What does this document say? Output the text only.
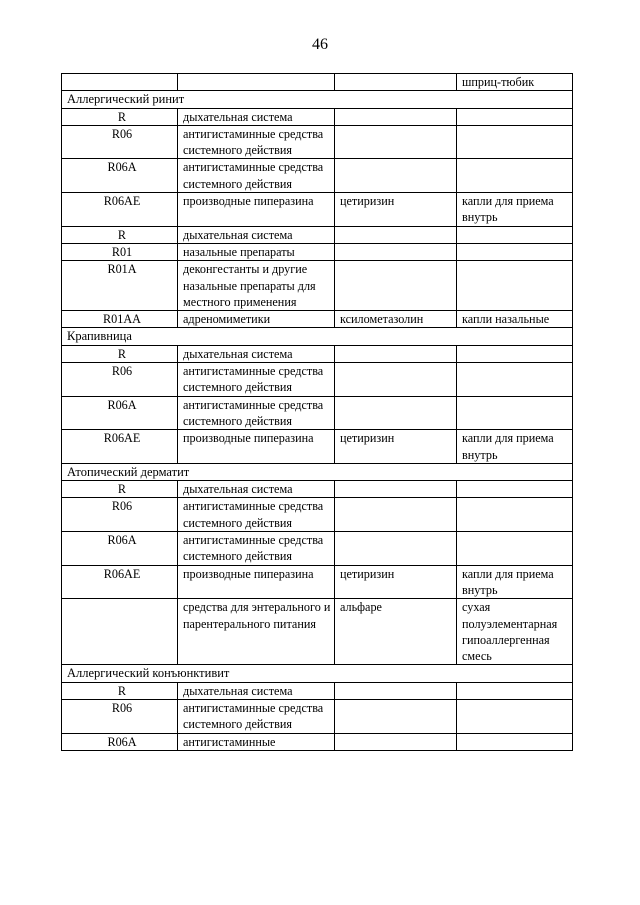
46
			шприц-тюбик
Аллергический ринит			
R	дыхательная система		
R06	антигистаминные средства системного действия		
R06A	антигистаминные средства системного действия		
R06AE	производные пиперазина	цетиризин	капли для приема внутрь
R	дыхательная система		
R01	назальные препараты		
R01A	деконгестанты и другие назальные препараты для местного применения		
R01AA	адреномиметики	ксилометазолин	капли назальные
Крапивница			
R	дыхательная система		
R06	антигистаминные средства системного действия		
R06A	антигистаминные средства системного действия		
R06AE	производные пиперазина	цетиризин	капли для приема внутрь
Атопический дерматит			
R	дыхательная система		
R06	антигистаминные средства системного действия		
R06A	антигистаминные средства системного действия		
R06AE	производные пиперазина	цетиризин	капли для приема внутрь
	средства для энтерального и парентерального питания	альфаре	сухая полуэлементарная гипоаллергенная смесь
Аллергический конъюнктивит			
R	дыхательная система		
R06	антигистаминные средства системного действия		
R06A	антигистаминные		
